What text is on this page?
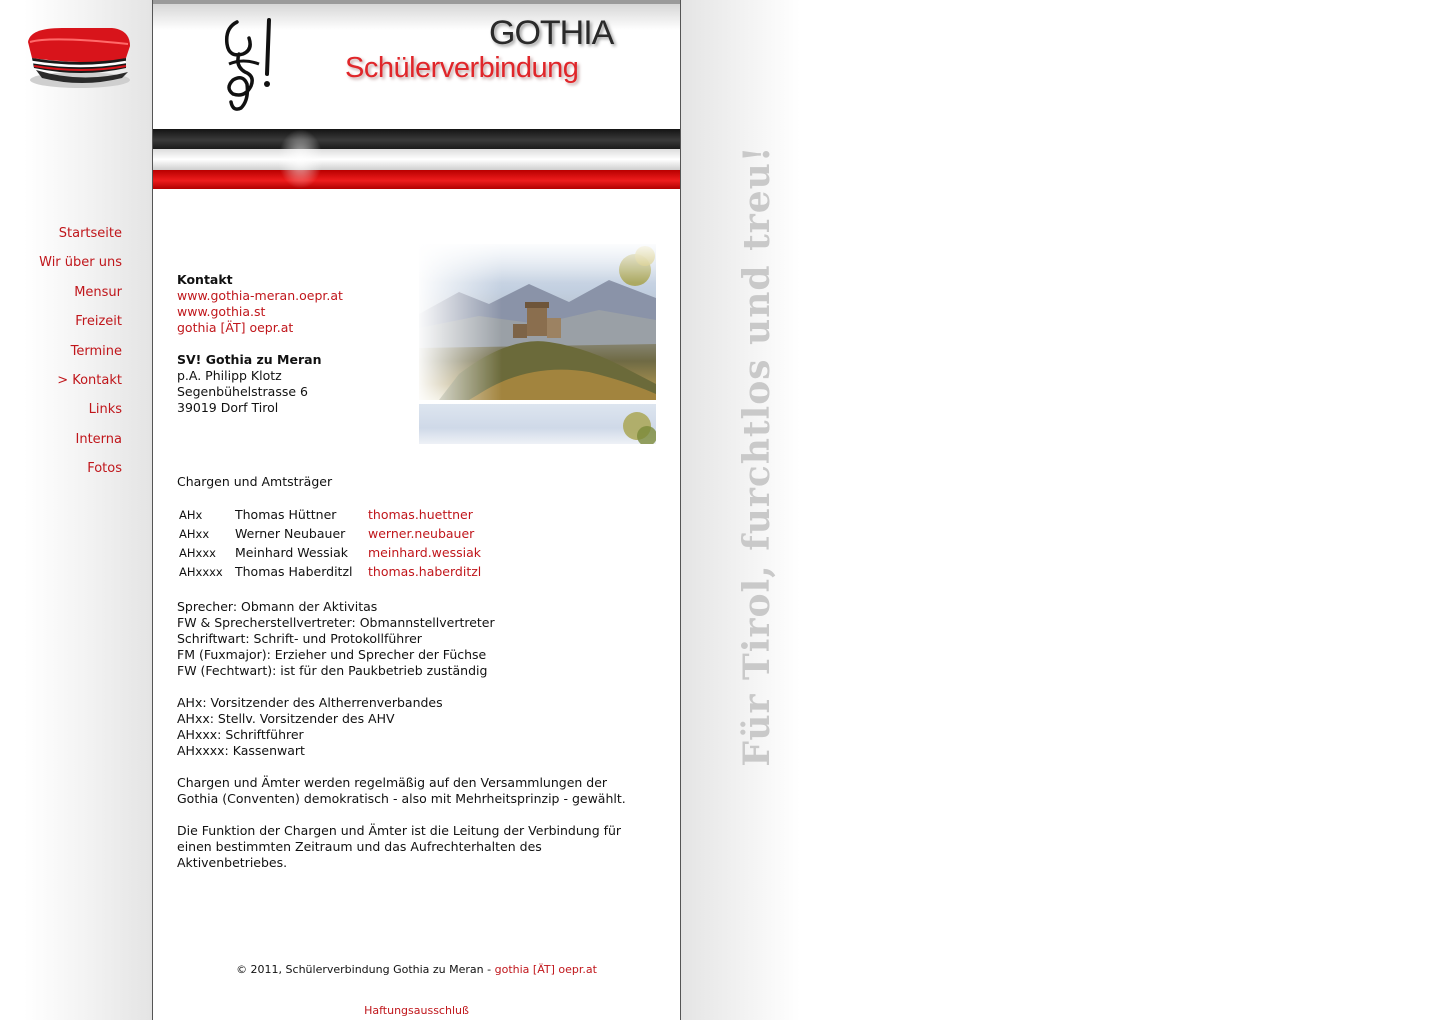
Startseite
Wir über uns
Mensur
Freizeit
Termine
> Kontakt
Links
Interna
Fotos
GOTHIA
Schülerverbindung
Kontakt
www.gothia-meran.oepr.at
www.gothia.st
gothia [ÄT] oepr.at
SV! Gothia zu Meran
p.A. Philipp Klotz
Segenbühelstrasse 6
39019 Dorf Tirol
Chargen und Amtsträger
AHx	Thomas Hüttner	thomas.huettner
AHxx	Werner Neubauer	werner.neubauer
AHxxx	Meinhard Wessiak	meinhard.wessiak
AHxxxx	Thomas Haberditzl	thomas.haberditzl
Sprecher: Obmann der Aktivitas
FW & Sprecherstellvertreter: Obmannstellvertreter
Schriftwart: Schrift- und Protokollführer
FM (Fuxmajor): Erzieher und Sprecher der Füchse
FW (Fechtwart): ist für den Paukbetrieb zuständig
AHx: Vorsitzender des Altherrenverbandes
AHxx: Stellv. Vorsitzender des AHV
AHxxx: Schriftführer
AHxxxx: Kassenwart
Chargen und Ämter werden regelmäßig auf den Versammlungen der
Gothia (Conventen) demokratisch - also mit Mehrheitsprinzip - gewählt.
Die Funktion der Chargen und Ämter ist die Leitung der Verbindung für
einen bestimmten Zeitraum und das Aufrechterhalten des
Aktivenbetriebes.
© 2011, Schülerverbindung Gothia zu Meran - gothia [ÄT] oepr.at
Haftungsausschluß
Für Tirol, furchtlos und treu!
